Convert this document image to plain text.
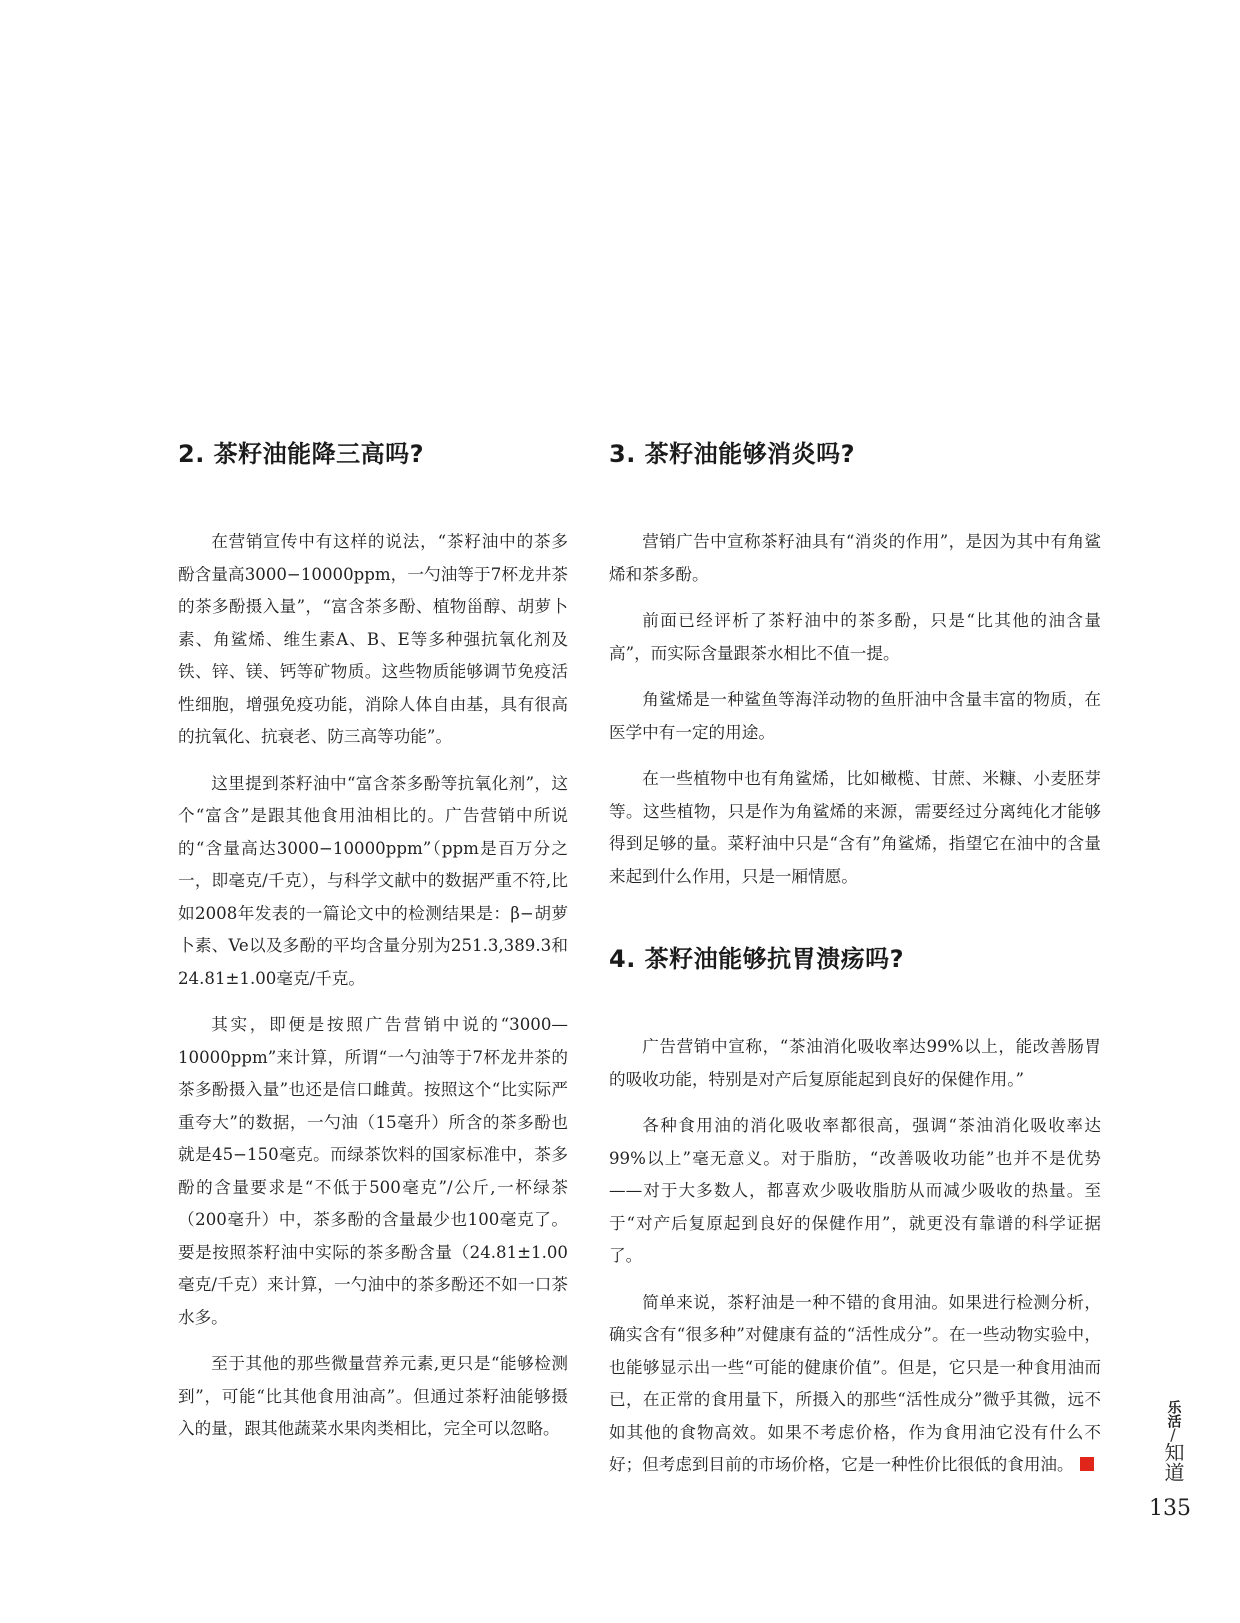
2. 茶籽油能降三高吗?

在营销宣传中有这样的说法，“茶籽油中的茶多酚含量高3000−10000ppm，一勺油等于7杯龙井茶的茶多酚摄入量”，“富含茶多酚、植物甾醇、胡萝卜素、角鲨烯、维生素A、B、E等多种强抗氧化剂及铁、锌、镁、钙等矿物质。这些物质能够调节免疫活性细胞，增强免疫功能，消除人体自由基，具有很高的抗氧化、抗衰老、防三高等功能”。

这里提到茶籽油中“富含茶多酚等抗氧化剂”，这个“富含”是跟其他食用油相比的。广告营销中所说的“含量高达3000−10000ppm”（ppm是百万分之一，即毫克/千克），与科学文献中的数据严重不符,比如2008年发表的一篇论文中的检测结果是：β−胡萝卜素、Ve以及多酚的平均含量分别为251.3,389.3和24.81±1.00毫克/千克。

其实，即便是按照广告营销中说的“3000—10000ppm”来计算，所谓“一勺油等于7杯龙井茶的茶多酚摄入量”也还是信口雌黄。按照这个“比实际严重夸大”的数据，一勺油（15毫升）所含的茶多酚也就是45−150毫克。而绿茶饮料的国家标准中，茶多酚的含量要求是“不低于500毫克”/公斤,一杯绿茶（200毫升）中，茶多酚的含量最少也100毫克了。要是按照茶籽油中实际的茶多酚含量（24.81±1.00毫克/千克）来计算，一勺油中的茶多酚还不如一口茶水多。

至于其他的那些微量营养元素,更只是“能够检测到”，可能“比其他食用油高”。但通过茶籽油能够摄入的量，跟其他蔬菜水果肉类相比，完全可以忽略。

3. 茶籽油能够消炎吗?

营销广告中宣称茶籽油具有“消炎的作用”，是因为其中有角鲨烯和茶多酚。

前面已经评析了茶籽油中的茶多酚，只是“比其他的油含量高”，而实际含量跟茶水相比不值一提。

角鲨烯是一种鲨鱼等海洋动物的鱼肝油中含量丰富的物质，在医学中有一定的用途。

在一些植物中也有角鲨烯，比如橄榄、甘蔗、米糠、小麦胚芽等。这些植物，只是作为角鲨烯的来源，需要经过分离纯化才能够得到足够的量。菜籽油中只是“含有”角鲨烯，指望它在油中的含量来起到什么作用，只是一厢情愿。

4. 茶籽油能够抗胃溃疡吗?

广告营销中宣称，“茶油消化吸收率达99%以上，能改善肠胃的吸收功能，特别是对产后复原能起到良好的保健作用。”

各种食用油的消化吸收率都很高，强调“茶油消化吸收率达99%以上”毫无意义。对于脂肪，“改善吸收功能”也并不是优势——对于大多数人，都喜欢少吸收脂肪从而减少吸收的热量。至于“对产后复原起到良好的保健作用”，就更没有靠谱的科学证据了。

简单来说，茶籽油是一种不错的食用油。如果进行检测分析，确实含有“很多种”对健康有益的“活性成分”。在一些动物实验中，也能够显示出一些“可能的健康价值”。但是，它只是一种食用油而已，在正常的食用量下，所摄入的那些“活性成分”微乎其微，远不如其他的食物高效。如果不考虑价格，作为食用油它没有什么不好；但考虑到目前的市场价格，它是一种性价比很低的食用油。

乐活
/
知道
135
